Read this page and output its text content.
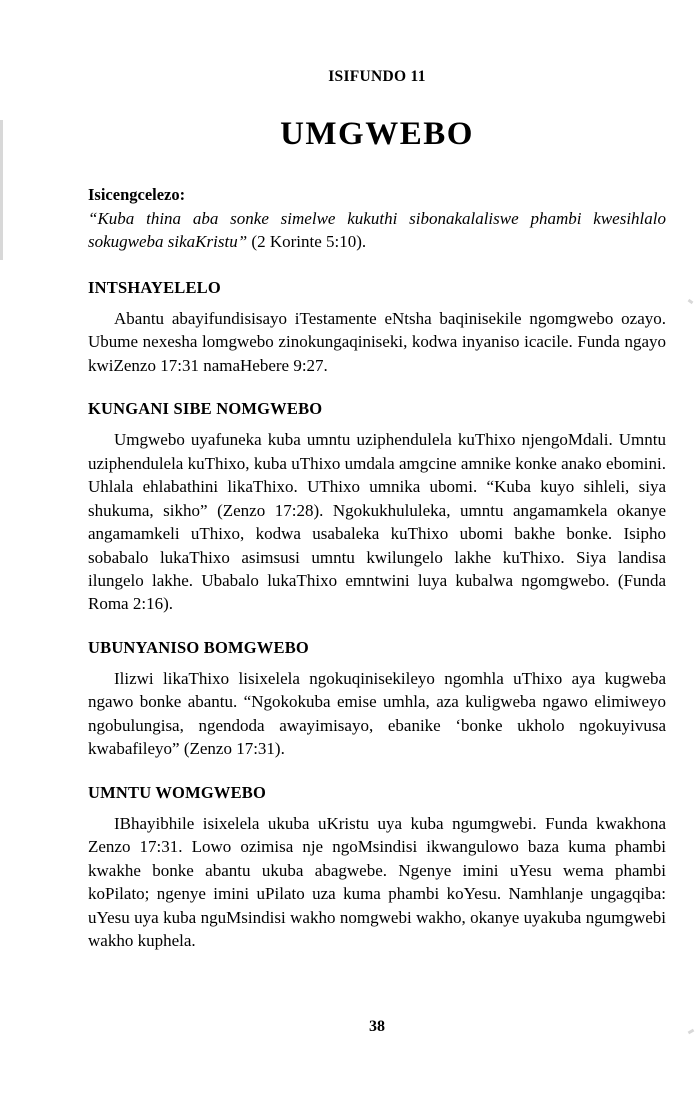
ISIFUNDO 11
UMGWEBO
Isicengcelezo:
“Kuba thina aba sonke simelwe kukuthi sibonakalaliswe phambi kwesihlalo sokugweba sikaKristu” (2 Korinte 5:10).
INTSHAYELELO

Abantu abayifundisisayo iTestamente eNtsha baqinisekile ngomgwebo ozayo. Ubume nexesha lomgwebo zinokungaqiniseki, kodwa inyaniso icacile. Funda ngayo kwiZenzo 17:31 namaHebere 9:27.

KUNGANI SIBE NOMGWEBO

Umgwebo uyafuneka kuba umntu uziphendulela kuThixo njengoMdali. Umntu uziphendulela kuThixo, kuba uThixo umdala amgcine amnike konke anako ebomini. Uhlala ehlabathini likaThixo. UThixo umnika ubomi. “Kuba kuyo sihleli, siya shukuma, sikho” (Zenzo 17:28). Ngokukhululeka, umntu angamamkela okanye angamamkeli uThixo, kodwa usabaleka kuThixo ubomi bakhe bonke. Isipho sobabalo lukaThixo asimsusi umntu kwilungelo lakhe kuThixo. Siya landisa ilungelo lakhe. Ubabalo lukaThixo emntwini luya kubalwa ngomgwebo. (Funda Roma 2:16).

UBUNYANISO BOMGWEBO

Ilizwi likaThixo lisixelela ngokuqinisekileyo ngomhla uThixo aya kugweba ngawo bonke abantu. “Ngokokuba emise umhla, aza kuligweba ngawo elimiweyo ngobulungisa, ngendoda awayimisayo, ebanike ʻbonke ukholo ngokuyivusa kwabafileyo” (Zenzo 17:31).

UMNTU WOMGWEBO

IBhayibhile isixelela ukuba uKristu uya kuba ngumgwebi. Funda kwakhona Zenzo 17:31. Lowo ozimisa nje ngoMsindisi ikwangulowo baza kuma phambi kwakhe bonke abantu ukuba abagwebe. Ngenye imini uYesu wema phambi koPilato; ngenye imini uPilato uza kuma phambi koYesu. Namhlanje ungagqiba: uYesu uya kuba nguMsindisi wakho nomgwebi wakho, okanye uyakuba ngumgwebi wakho kuphela.

38
